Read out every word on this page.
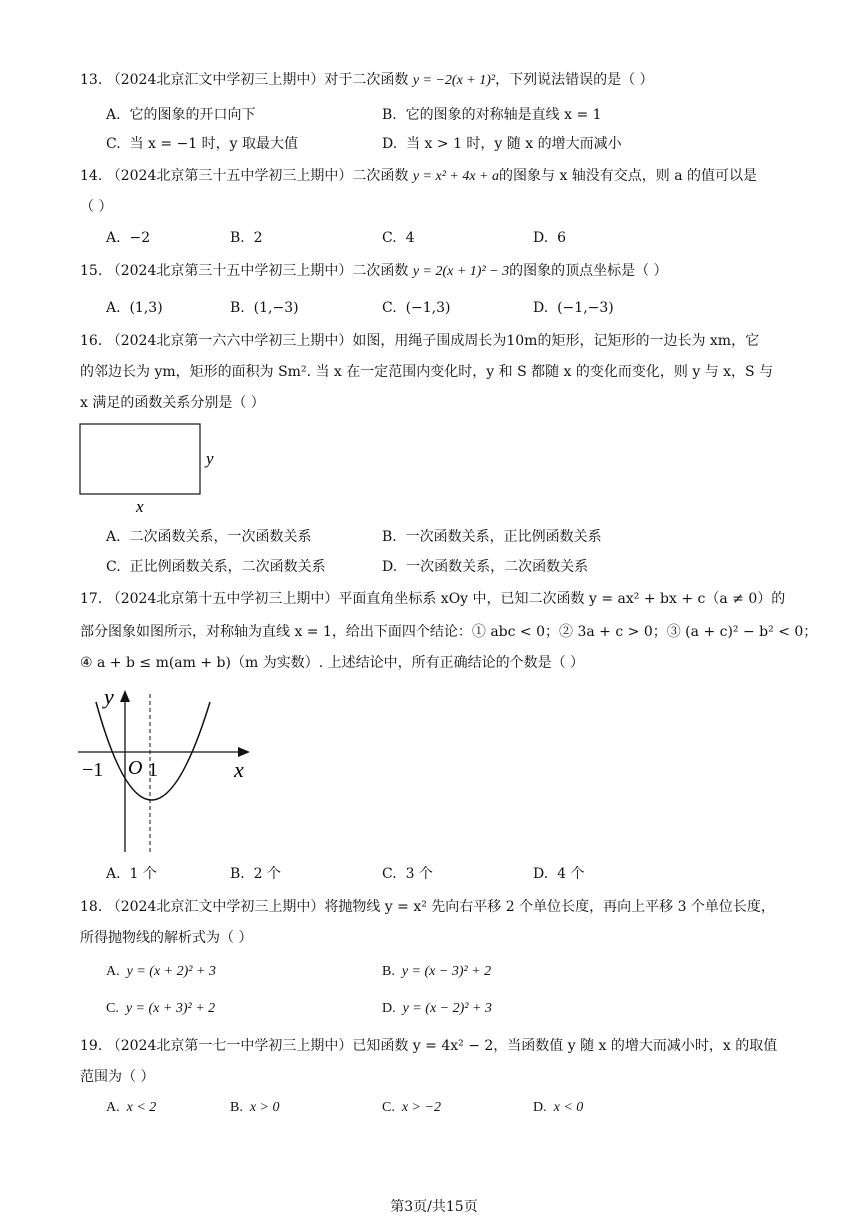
13. （2024北京汇文中学初三上期中）对于二次函数 y = −2(x + 1)²，下列说法错误的是（ ）
A. 它的图象的开口向下	B. 它的图象的对称轴是直线 x = 1
C. 当 x = −1 时，y 取最大值	D. 当 x > 1 时，y 随 x 的增大而减小
14. （2024北京第三十五中学初三上期中）二次函数 y = x² + 4x + a的图象与 x 轴没有交点，则 a 的值可以是
（ ）
A. −2	B. 2	C. 4	D. 6
15. （2024北京第三十五中学初三上期中）二次函数 y = 2(x + 1)² − 3的图象的顶点坐标是（ ）
A. (1,3)	B. (1,−3)	C. (−1,3)	D. (−1,−3)
16. （2024北京第一六六中学初三上期中）如图，用绳子围成周长为10m的矩形，记矩形的一边长为 xm，它
的邻边长为 ym，矩形的面积为 Sm². 当 x 在一定范围内变化时，y 和 S 都随 x 的变化而变化，则 y 与 x，S 与
x 满足的函数关系分别是（ ）
y
x
A. 二次函数关系，一次函数关系	B. 一次函数关系，正比例函数关系
C. 正比例函数关系，二次函数关系	D. 一次函数关系，二次函数关系
17. （2024北京第十五中学初三上期中）平面直角坐标系 xOy 中，已知二次函数 y = ax² + bx + c（a ≠ 0）的
部分图象如图所示，对称轴为直线 x = 1，给出下面四个结论：① abc < 0；② 3a + c > 0；③ (a + c)² − b² < 0；
④ a + b ≤ m(am + b)（m 为实数）. 上述结论中，所有正确结论的个数是（ ）
y
x
−1 O 1
A. 1 个	B. 2 个	C. 3 个	D. 4 个
18. （2024北京汇文中学初三上期中）将抛物线 y = x² 先向右平移 2 个单位长度，再向上平移 3 个单位长度，
所得抛物线的解析式为（ ）
A. y = (x + 2)² + 3	B. y = (x − 3)² + 2
C. y = (x + 3)² + 2	D. y = (x − 2)² + 3
19. （2024北京第一七一中学初三上期中）已知函数 y = 4x² − 2，当函数值 y 随 x 的增大而减小时，x 的取值
范围为（ ）
A. x < 2	B. x > 0	C. x > −2	D. x < 0
第3页/共15页
